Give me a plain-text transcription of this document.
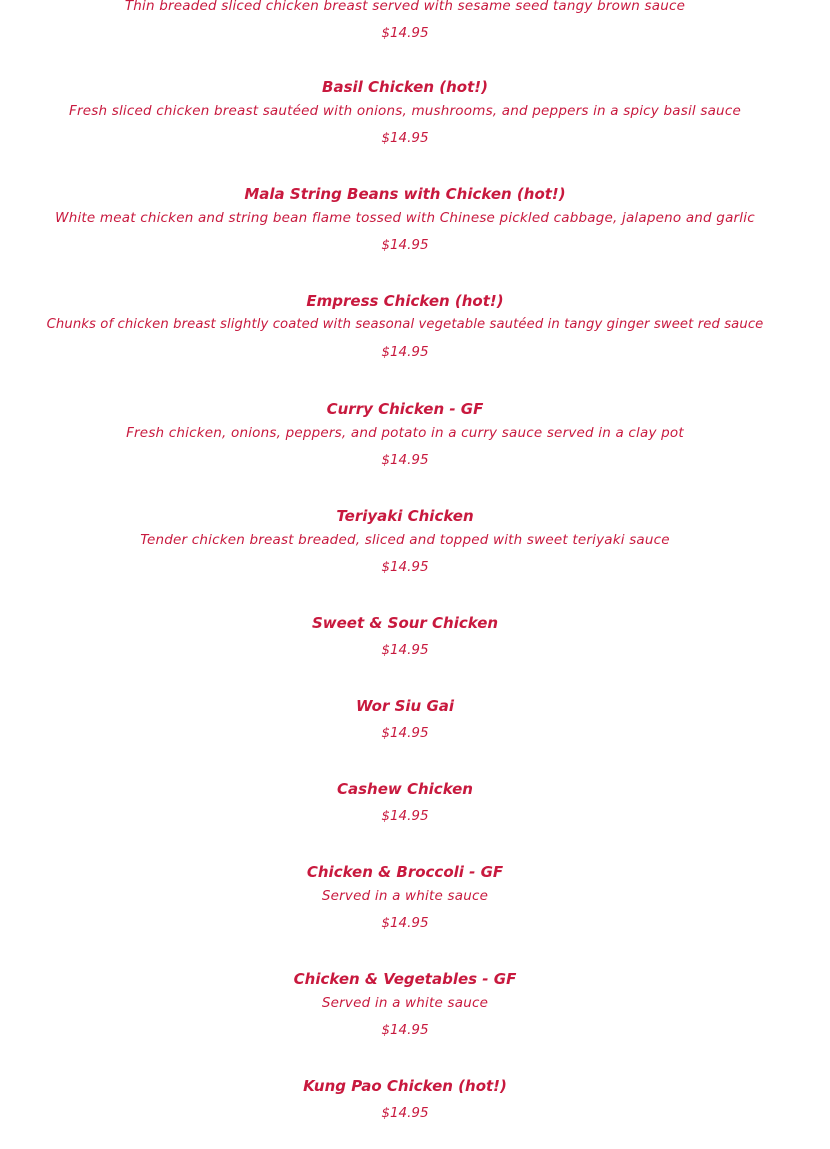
Thin breaded sliced chicken breast served with sesame seed tangy brown sauce
$14.95
Basil Chicken (hot!)
Fresh sliced chicken breast sautéed with onions, mushrooms, and peppers in a spicy basil sauce
$14.95
Mala String Beans with Chicken (hot!)
White meat chicken and string bean flame tossed with Chinese pickled cabbage, jalapeno and garlic
$14.95
Empress Chicken (hot!)
Chunks of chicken breast slightly coated with seasonal vegetable sautéed in tangy ginger sweet red sauce
$14.95
Curry Chicken - GF
Fresh chicken, onions, peppers, and potato in a curry sauce served in a clay pot
$14.95
Teriyaki Chicken
Tender chicken breast breaded, sliced and topped with sweet teriyaki sauce
$14.95
Sweet & Sour Chicken
$14.95
Wor Siu Gai
$14.95
Cashew Chicken
$14.95
Chicken & Broccoli - GF
Served in a white sauce
$14.95
Chicken & Vegetables - GF
Served in a white sauce
$14.95
Kung Pao Chicken (hot!)
$14.95
